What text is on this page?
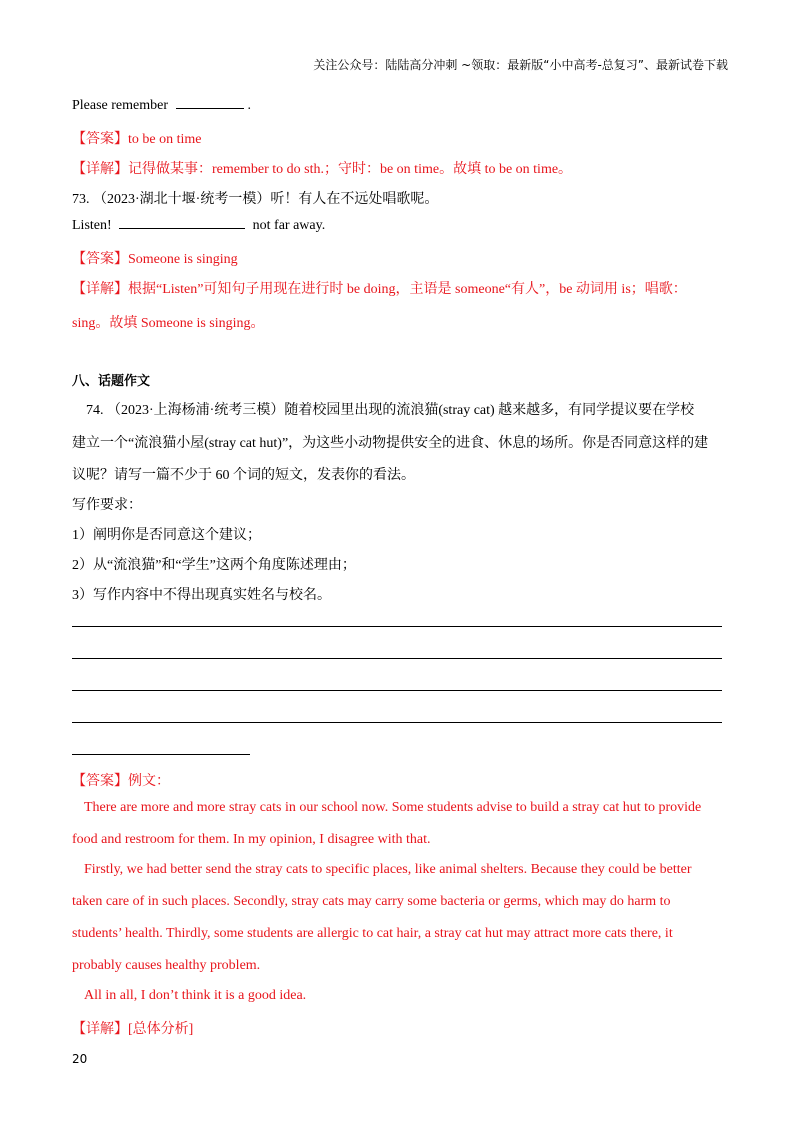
关注公众号：陆陆高分冲刺 ~领取：最新版“小中高考-总复习”、最新试卷下载
Please remember	.
【答案】to be on time
【详解】记得做某事：remember to do sth.；守时：be on time。故填 to be on time。
73. （2023·湖北十堰·统考一模）听！有人在不远处唱歌呢。
Listen!	not far away.
【答案】Someone is singing
【详解】根据“Listen”可知句子用现在进行时 be doing，主语是 someone“有人”，be 动词用 is；唱歌：
sing。故填 Someone is singing。
八、话题作文
74. （2023·上海杨浦·统考三模）随着校园里出现的流浪猫(stray cat) 越来越多，有同学提议要在学校
建立一个“流浪猫小屋(stray cat hut)”，为这些小动物提供安全的进食、休息的场所。你是否同意这样的建
议呢？请写一篇不少于 60 个词的短文，发表你的看法。
写作要求：
1）阐明你是否同意这个建议；
2）从“流浪猫”和“学生”这两个角度陈述理由；
3）写作内容中不得出现真实姓名与校名。
【答案】例文：
There are more and more stray cats in our school now. Some students advise to build a stray cat hut to provide
food and restroom for them. In my opinion, I disagree with that.
Firstly, we had better send the stray cats to specific places, like animal shelters. Because they could be better
taken care of in such places. Secondly, stray cats may carry some bacteria or germs, which may do harm to
students’ health. Thirdly, some students are allergic to cat hair, a stray cat hut may attract more cats there, it
probably causes healthy problem.
All in all, I don’t think it is a good idea.
【详解】[总体分析]
20
